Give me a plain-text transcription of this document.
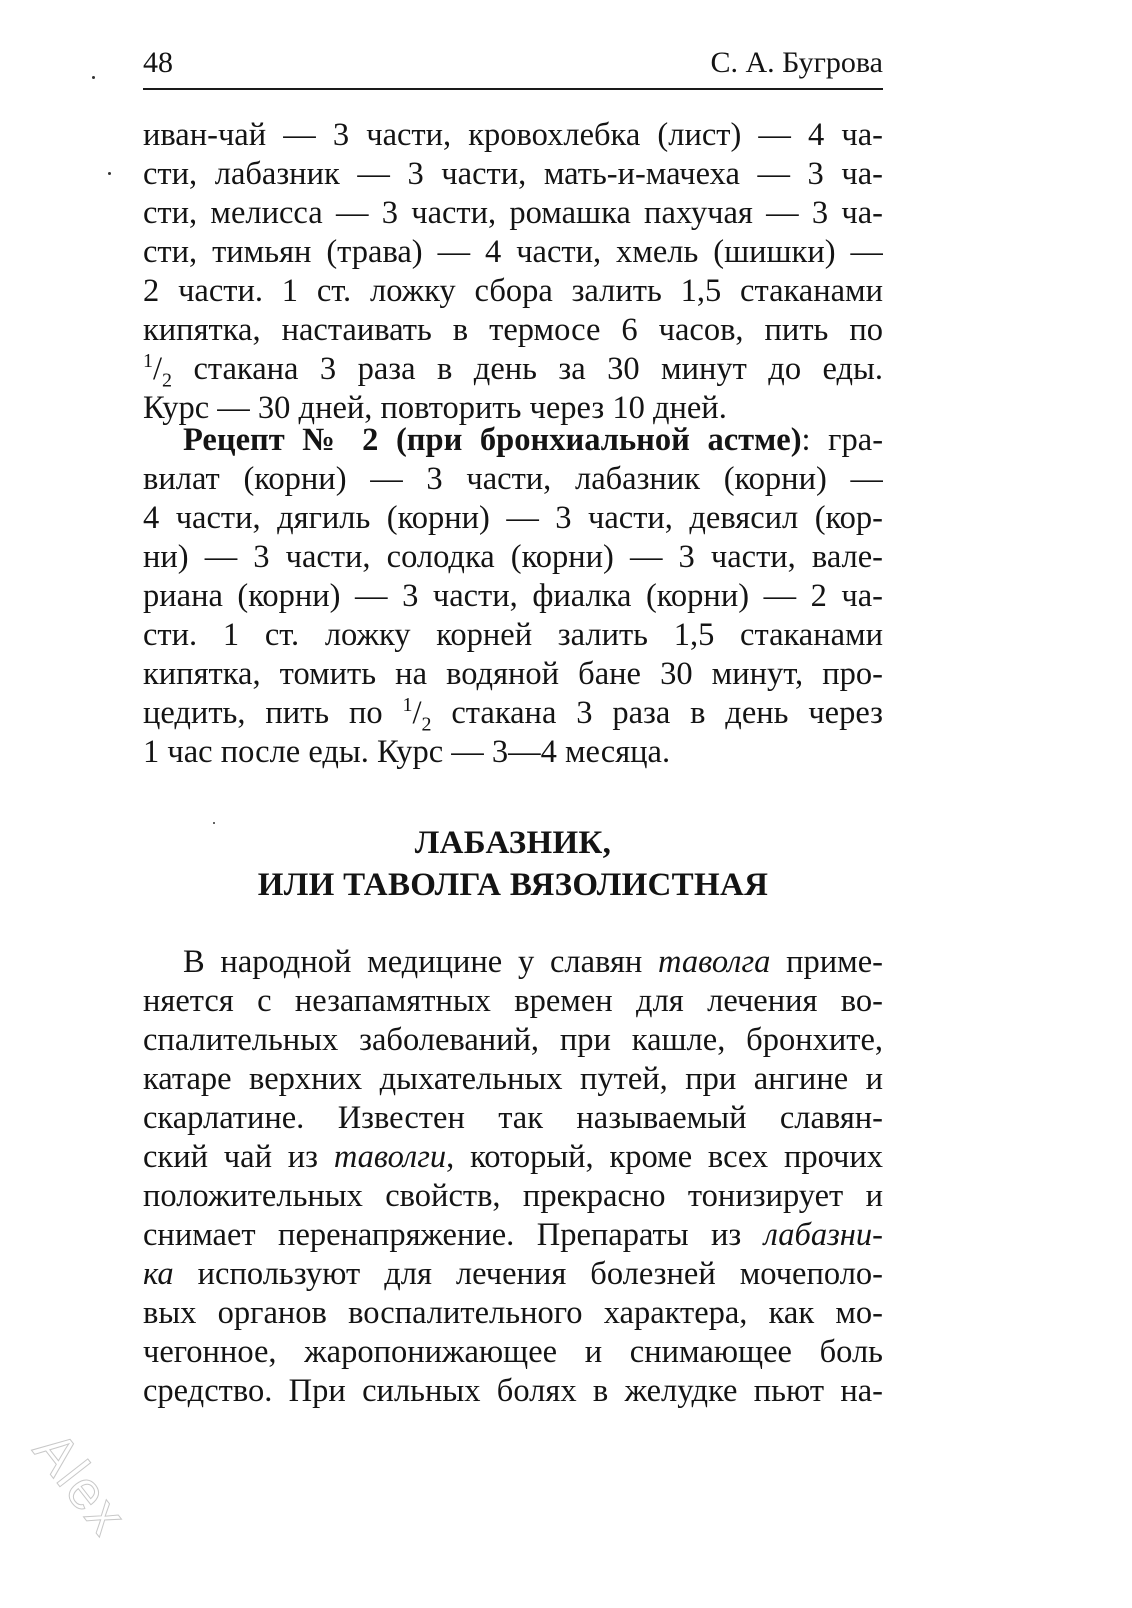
48	С. А. Бугрова
иван-чай — 3 части, кровохлебка (лист) — 4 ча-
сти, лабазник — 3 части, мать-и-мачеха — 3 ча-
сти, мелисса — 3 части, ромашка пахучая — 3 ча-
сти, тимьян (трава) — 4 части, хмель (шишки) —
2 части. 1 ст. ложку сбора залить 1,5 стаканами
кипятка, настаивать в термосе 6 часов, пить по
$^1/_2$ стакана 3 раза в день за 30 минут до еды.
Курс — 30 дней, повторить через 10 дней.
Рецепт № 2 (при бронхиальной астме): гра-
вилат (корни) — 3 части, лабазник (корни) —
4 части, дягиль (корни) — 3 части, девясил (кор-
ни) — 3 части, солодка (корни) — 3 части, вале-
риана (корни) — 3 части, фиалка (корни) — 2 ча-
сти. 1 ст. ложку корней залить 1,5 стаканами
кипятка, томить на водяной бане 30 минут, про-
цедить, пить по $^1/_2$ стакана 3 раза в день через
1 час после еды. Курс — 3—4 месяца.
ЛАБАЗНИК,
ИЛИ ТАВОЛГА ВЯЗОЛИСТНАЯ
В народной медицине у славян таволга приме-
няется с незапамятных времен для лечения во-
спалительных заболеваний, при кашле, бронхите,
катаре верхних дыхательных путей, при ангине и
скарлатине. Известен так называемый славян-
ский чай из таволги, который, кроме всех прочих
положительных свойств, прекрасно тонизирует и
снимает перенапряжение. Препараты из лабазни-
ка используют для лечения болезней мочеполо-
вых органов воспалительного характера, как мо-
чегонное, жаропонижающее и снимающее боль
средство. При сильных болях в желудке пьют на-
Alex
